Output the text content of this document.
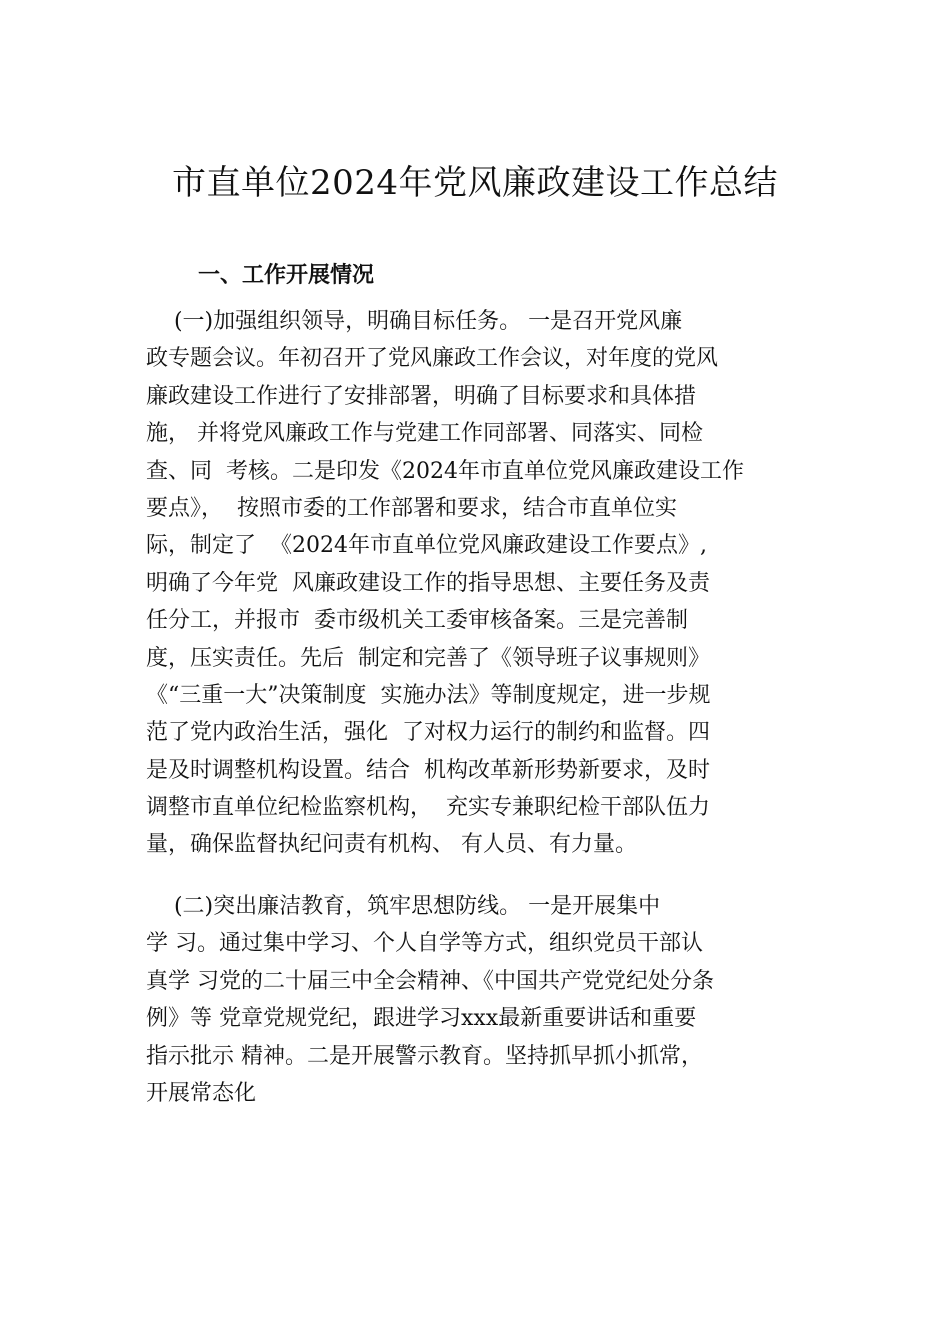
市直单位2024年党风廉政建设工作总结
一、工作开展情况
(一)加强组织领导，明确目标任务。 一是召开党风廉
政专题会议。年初召开了党风廉政工作会议，对年度的党风
廉政建设工作进行了安排部署，明确了目标要求和具体措
施， 并将党风廉政工作与党建工作同部署、同落实、同检
查、同  考核。二是印发《2024年市直单位党风廉政建设工作
要点》，  按照市委的工作部署和要求，结合市直单位实
际，制定了  《2024年市直单位党风廉政建设工作要点》,
明确了今年党  风廉政建设工作的指导思想、主要任务及责
任分工，并报市  委市级机关工委审核备案。三是完善制
度，压实责任。先后  制定和完善了《领导班子议事规则》
《“三重一大”决策制度  实施办法》等制度规定，进一步规
范了党内政治生活，强化  了对权力运行的制约和监督。四
是及时调整机构设置。结合  机构改革新形势新要求，及时
调整市直单位纪检监察机构，  充实专兼职纪检干部队伍力
量，确保监督执纪问责有机构、 有人员、有力量。
(二)突出廉洁教育，筑牢思想防线。 一是开展集中
学 习。通过集中学习、个人自学等方式，组织党员干部认
真学 习党的二十届三中全会精神、《中国共产党党纪处分条
例》等 党章党规党纪，跟进学习xxx最新重要讲话和重要
指示批示 精神。二是开展警示教育。坚持抓早抓小抓常，
开展常态化
